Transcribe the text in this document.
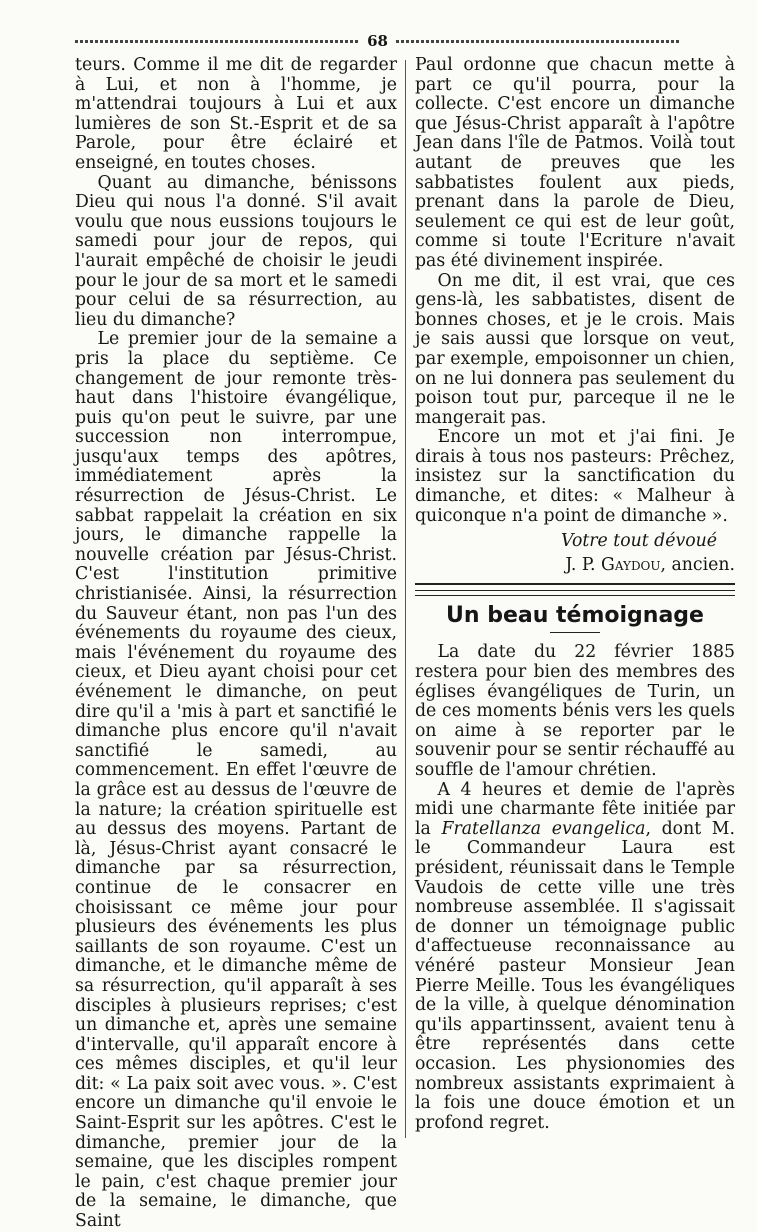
68

teurs. Comme il me dit de regarder à Lui, et non à l'homme, je m'attendrai toujours à Lui et aux lumières de son St.-Esprit et de sa Parole, pour être éclairé et enseigné, en toutes choses.

Quant au dimanche, bénissons Dieu qui nous l'a donné. S'il avait voulu que nous eussions toujours le samedi pour jour de repos, qui l'aurait empêché de choisir le jeudi pour le jour de sa mort et le samedi pour celui de sa résurrection, au lieu du dimanche?

Le premier jour de la semaine a pris la place du septième. Ce changement de jour remonte très-haut dans l'histoire évangélique, puis qu'on peut le suivre, par une succession non interrompue, jusqu'aux temps des apôtres, immédiatement après la résurrection de Jésus-Christ. Le sabbat rappelait la création en six jours, le dimanche rappelle la nouvelle création par Jésus-Christ. C'est l'institution primitive christianisée. Ainsi, la résurrection du Sauveur étant, non pas l'un des événements du royaume des cieux, mais l'événement du royaume des cieux, et Dieu ayant choisi pour cet événement le dimanche, on peut dire qu'il a 'mis à part et sanctifié le dimanche plus encore qu'il n'avait sanctifié le samedi, au commencement. En effet l'œuvre de la grâce est au dessus de l'œuvre de la nature; la création spirituelle est au dessus des moyens. Partant de là, Jésus-Christ ayant consacré le dimanche par sa résurrection, continue de le consacrer en choisissant ce même jour pour plusieurs des événements les plus saillants de son royaume. C'est un dimanche, et le dimanche même de sa résurrection, qu'il apparaît à ses disciples à plusieurs reprises; c'est un dimanche et, après une semaine d'intervalle, qu'il apparaît encore à ces mêmes disciples, et qu'il leur dit: « La paix soit avec vous. ». C'est encore un dimanche qu'il envoie le Saint-Esprit sur les apôtres. C'est le dimanche, premier jour de la semaine, que les disciples rompent le pain, c'est chaque premier jour de la semaine, le dimanche, que Saint

Paul ordonne que chacun mette à part ce qu'il pourra, pour la collecte. C'est encore un dimanche que Jésus-Christ apparaît à l'apôtre Jean dans l'île de Patmos. Voilà tout autant de preuves que les sabbatistes foulent aux pieds, prenant dans la parole de Dieu, seulement ce qui est de leur goût, comme si toute l'Ecriture n'avait pas été divinement inspirée.

On me dit, il est vrai, que ces gens-là, les sabbatistes, disent de bonnes choses, et je le crois. Mais je sais aussi que lorsque on veut, par exemple, empoisonner un chien, on ne lui donnera pas seulement du poison tout pur, parceque il ne le mangerait pas.

Encore un mot et j'ai fini. Je dirais à tous nos pasteurs: Prêchez, insistez sur la sanctification du dimanche, et dites: « Malheur à quiconque n'a point de dimanche ».

Votre tout dévoué
J. P. Gaydou, ancien.
Un beau témoignage

La date du 22 février 1885 restera pour bien des membres des églises évangéliques de Turin, un de ces moments bénis vers les quels on aime à se reporter par le souvenir pour se sentir réchauffé au souffle de l'amour chrétien.

A 4 heures et demie de l'après midi une charmante fête initiée par la Fratellanza evangelica, dont M. le Commandeur Laura est président, réunissait dans le Temple Vaudois de cette ville une très nombreuse assemblée. Il s'agissait de donner un témoignage public d'affectueuse reconnaissance au vénéré pasteur Monsieur Jean Pierre Meille. Tous les évangéliques de la ville, à quelque dénomination qu'ils appartinssent, avaient tenu à être représentés dans cette occasion. Les physionomies des nombreux assistants exprimaient à la fois une douce émotion et un profond regret.
